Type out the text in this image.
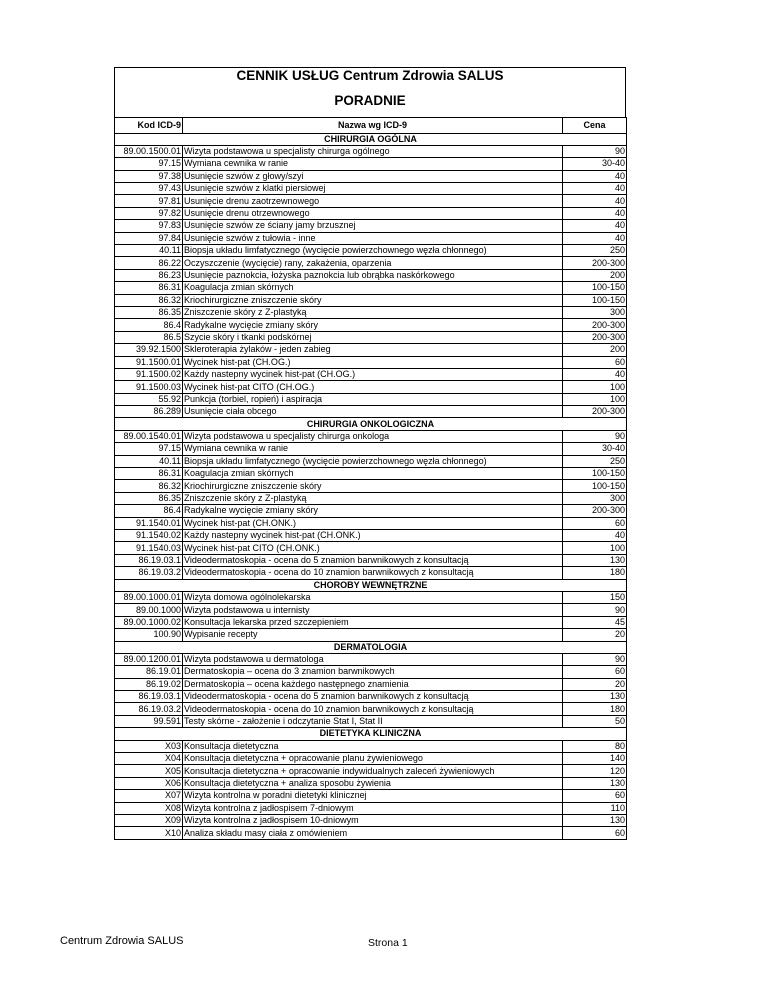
CENNIK USŁUG Centrum Zdrowia SALUS
PORADNIE
Kod ICD-9	Nazwa wg ICD-9	Cena
CHIRURGIA OGÓLNA		
89.00.1500.01	Wizyta podstawowa u specjalisty chirurga ogólnego	90
97.15	Wymiana cewnika w ranie	30-40
97.38	Usunięcie szwów z głowy/szyi	40
97.43	Usunięcie szwów z klatki piersiowej	40
97.81	Usunięcie drenu zaotrzewnowego	40
97.82	Usunięcie drenu otrzewnowego	40
97.83	Usunięcie szwów ze ściany jamy brzusznej	40
97.84	Usunięcie szwów z tułowia - inne	40
40.11	Biopsja układu limfatycznego (wycięcie powierzchownego węzła chłonnego)	250
86.22	Oczyszczenie (wycięcie) rany, zakażenia, oparzenia	200-300
86.23	Usunięcie paznokcia, łożyska paznokcia lub obrąbka naskórkowego	200
86.31	Koagulacja zmian skórnych	100-150
86.32	Kriochirurgiczne zniszczenie skóry	100-150
86.35	Zniszczenie skóry z Z-plastyką	300
86.4	Radykalne wycięcie zmiany skóry	200-300
86.5	Szycie skóry i tkanki podskórnej	200-300
39.92.1500	Skleroterapia żylaków - jeden zabieg	200
91.1500.01	Wycinek hist-pat (CH.OG.)	60
91.1500.02	Każdy nastepny wycinek hist-pat (CH.OG.)	40
91.1500.03	Wycinek hist-pat CITO (CH.OG.)	100
55.92	Punkcja (torbiel, ropień) i aspiracja	100
86.289	Usunięcie ciała obcego	200-300
CHIRURGIA ONKOLOGICZNA		
89.00.1540.01	Wizyta podstawowa u specjalisty chirurga onkologa	90
97.15	Wymiana cewnika w ranie	30-40
40.11	Biopsja układu limfatycznego (wycięcie powierzchownego węzła chłonnego)	250
86.31	Koagulacja zmian skórnych	100-150
86.32	Kriochirurgiczne zniszczenie skóry	100-150
86.35	Zniszczenie skóry z Z-plastyką	300
86.4	Radykalne wycięcie zmiany skóry	200-300
91.1540.01	Wycinek hist-pat (CH.ONK.)	60
91.1540.02	Każdy nastepny wycinek hist-pat (CH.ONK.)	40
91.1540.03	Wycinek hist-pat CITO (CH.ONK.)	100
86.19.03.1	Videodermatoskopia - ocena do 5 znamion barwnikowych z konsultacją	130
86.19.03.2	Videodermatoskopia - ocena do 10 znamion barwnikowych z konsultacją	180
CHOROBY WEWNĘTRZNE		
89.00.1000.01	Wizyta domowa ogólnolekarska	150
89.00.1000	Wizyta podstawowa u internisty	90
89.00.1000.02	Konsultacja lekarska przed szczepieniem	45
100.90	Wypisanie recepty	20
DERMATOLOGIA		
89.00.1200.01	Wizyta podstawowa u dermatologa	90
86.19.01	Dermatoskopia – ocena do 3 znamion barwnikowych	60
86.19.02	Dermatoskopia – ocena każdego następnego znamienia	20
86.19.03.1	Videodermatoskopia - ocena do 5 znamion barwnikowych z konsultacją	130
86.19.03.2	Videodermatoskopia - ocena do 10 znamion barwnikowych z konsultacją	180
99.591	Testy skórne - założenie i odczytanie Stat I, Stat II	50
DIETETYKA KLINICZNA		
X03	Konsultacja dietetyczna	80
X04	Konsultacja dietetyczna + opracowanie planu żywieniowego	140
X05	Konsultacja dietetyczna + opracowanie indywidualnych zaleceń żywieniowych	120
X06	Konsultacja dietetyczna + analiza sposobu żywienia	130
X07	Wizyta kontrolna w poradni dietetyki klinicznej	60
X08	Wizyta kontrolna z jadłospisem 7-dniowym	110
X09	Wizyta kontrolna z jadłospisem 10-dniowym	130
X10	Analiza składu masy ciała z omówieniem	60
Centrum Zdrowia SALUS	Strona 1
